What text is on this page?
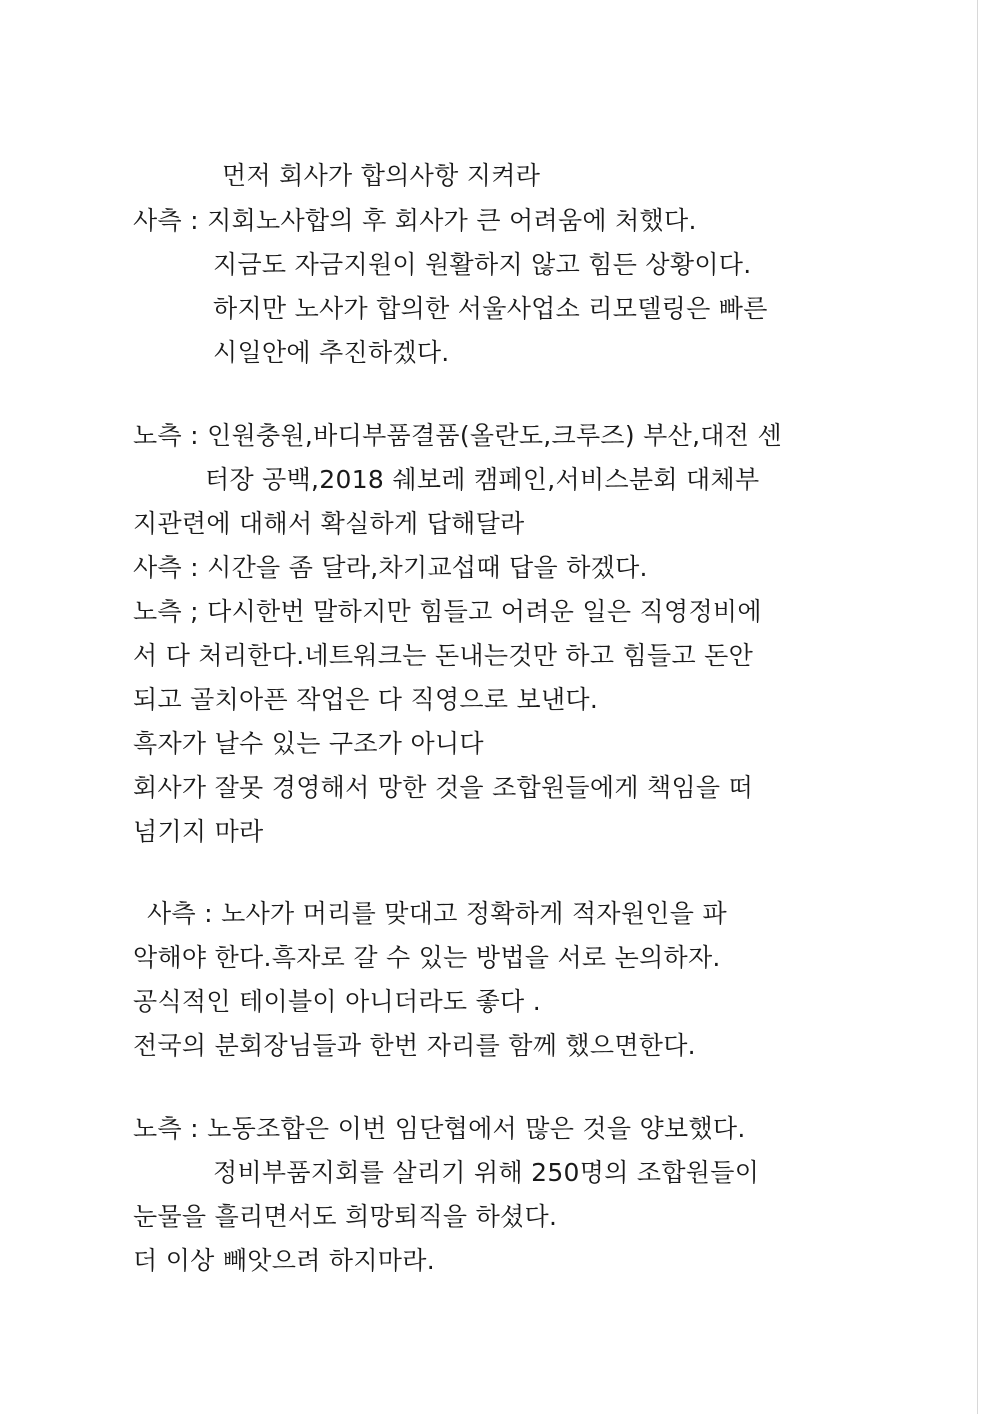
먼저 회사가 합의사항 지켜라
사측 : 지회노사합의 후 회사가 큰 어려움에 처했다.
지금도 자금지원이 원활하지 않고 힘든 상황이다.
하지만 노사가 합의한 서울사업소 리모델링은 빠른
시일안에 추진하겠다.
노측 : 인원충원,바디부품결품(올란도,크루즈) 부산,대전 센
터장 공백,2018 쉐보레 캠페인,서비스분회 대체부
지관련에 대해서 확실하게 답해달라
사측 : 시간을 좀 달라,차기교섭때 답을 하겠다.
노측 ; 다시한번 말하지만 힘들고 어려운 일은 직영정비에
서 다 처리한다.네트워크는 돈내는것만 하고 힘들고 돈안
되고 골치아픈 작업은 다 직영으로 보낸다.
흑자가 날수 있는 구조가 아니다
회사가 잘못 경영해서 망한 것을 조합원들에게 책임을 떠
넘기지 마라
사측 : 노사가 머리를 맞대고 정확하게 적자원인을 파
악해야 한다.흑자로 갈 수 있는 방법을 서로 논의하자.
공식적인 테이블이 아니더라도 좋다 .
전국의 분회장님들과 한번 자리를 함께 했으면한다.
노측 : 노동조합은 이번 임단협에서 많은 것을 양보했다.
정비부품지회를 살리기 위해 250명의 조합원들이
눈물을 흘리면서도 희망퇴직을 하셨다.
더 이상 빼앗으려 하지마라.
